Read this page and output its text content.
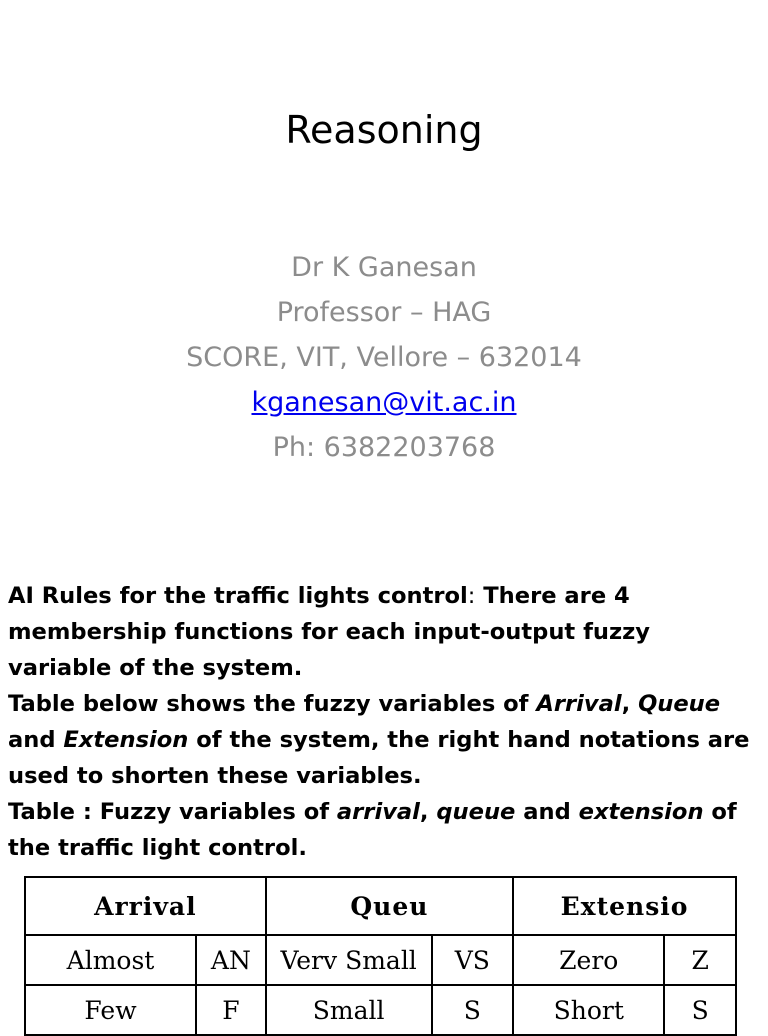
Reasoning
Dr K Ganesan
Professor – HAG
SCORE, VIT, Vellore – 632014
kganesan@vit.ac.in
Ph: 6382203768
AI Rules for the traffic lights control: There are 4 membership functions for each input-output fuzzy variable of the system.
Table below shows the fuzzy variables of Arrival, Queue and Extension of the system, the right hand notations are used to shorten these variables.
Table : Fuzzy variables of arrival, queue and extension of the traffic light control.
Arrival		Queu		Extensio	
Almost	AN	Verv Small	VS	Zero	Z
Few	F	Small	S	Short	S
